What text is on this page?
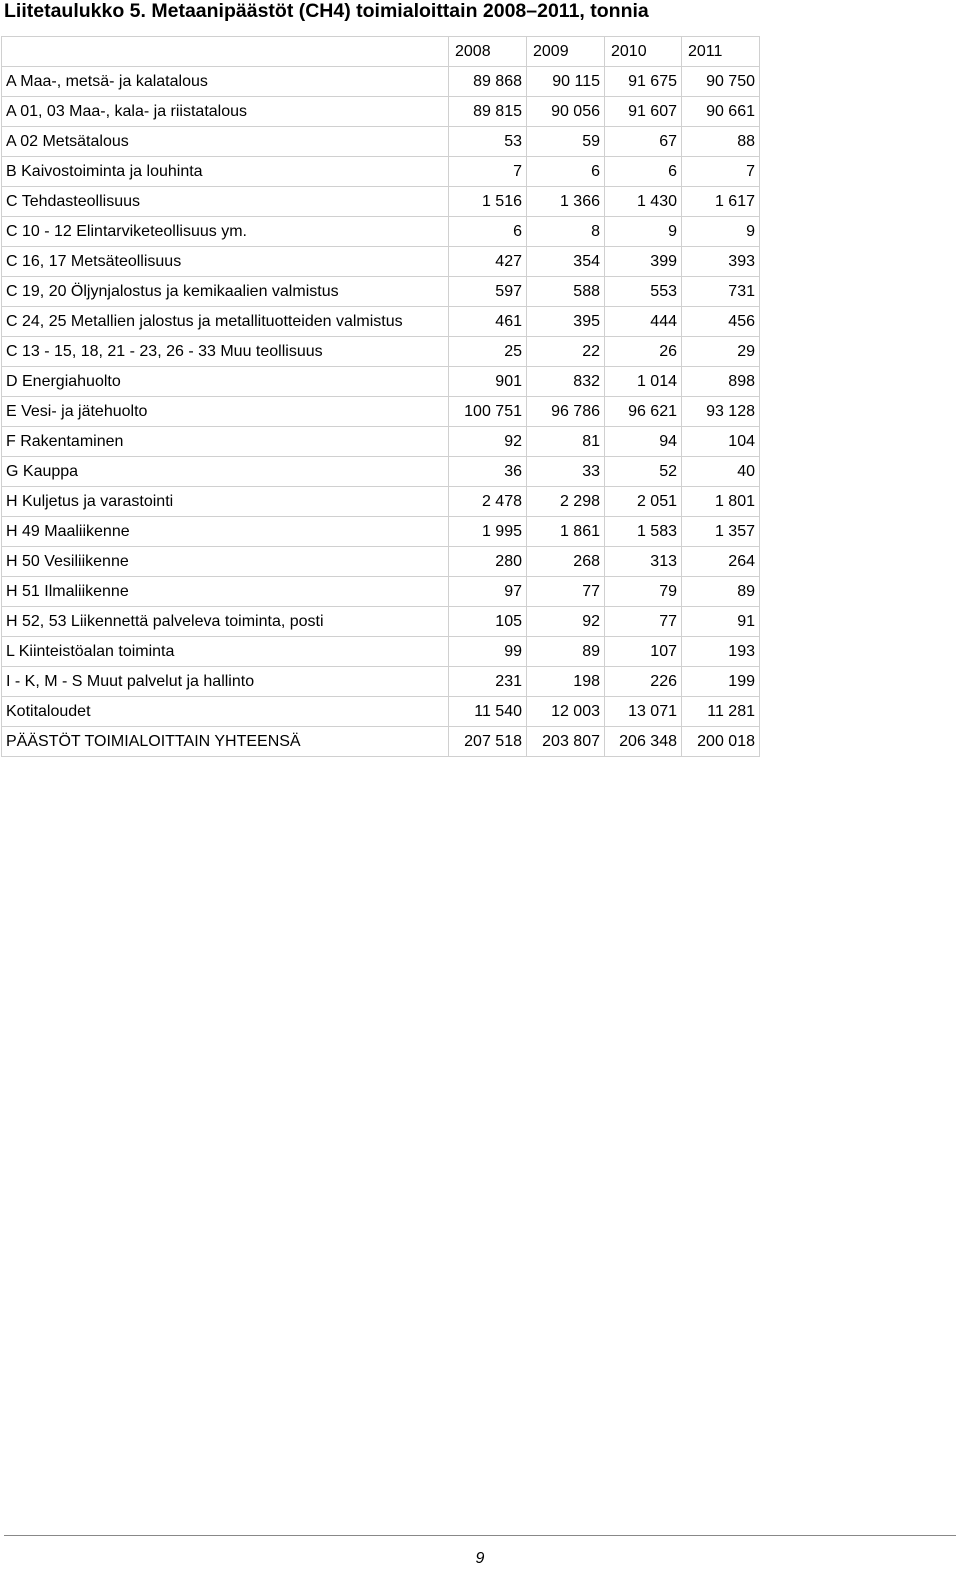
Liitetaulukko 5. Metaanipäästöt (CH4) toimialoittain 2008–2011, tonnia
	2008	2009	2010	2011
A Maa-, metsä- ja kalatalous	89 868	90 115	91 675	90 750
A 01, 03 Maa-, kala- ja riistatalous	89 815	90 056	91 607	90 661
A 02 Metsätalous	53	59	67	88
B Kaivostoiminta ja louhinta	7	6	6	7
C Tehdasteollisuus	1 516	1 366	1 430	1 617
C 10 - 12 Elintarviketeollisuus ym.	6	8	9	9
C 16, 17 Metsäteollisuus	427	354	399	393
C 19, 20 Öljynjalostus ja kemikaalien valmistus	597	588	553	731
C 24, 25 Metallien jalostus ja metallituotteiden valmistus	461	395	444	456
C 13 - 15, 18, 21 - 23, 26 - 33 Muu teollisuus	25	22	26	29
D Energiahuolto	901	832	1 014	898
E Vesi- ja jätehuolto	100 751	96 786	96 621	93 128
F Rakentaminen	92	81	94	104
G Kauppa	36	33	52	40
H Kuljetus ja varastointi	2 478	2 298	2 051	1 801
H 49 Maaliikenne	1 995	1 861	1 583	1 357
H 50 Vesiliikenne	280	268	313	264
H 51 Ilmaliikenne	97	77	79	89
H 52, 53 Liikennettä palveleva toiminta, posti	105	92	77	91
L Kiinteistöalan toiminta	99	89	107	193
I - K, M - S Muut palvelut ja hallinto	231	198	226	199
Kotitaloudet	11 540	12 003	13 071	11 281
PÄÄSTÖT TOIMIALOITTAIN YHTEENSÄ	207 518	203 807	206 348	200 018
9
